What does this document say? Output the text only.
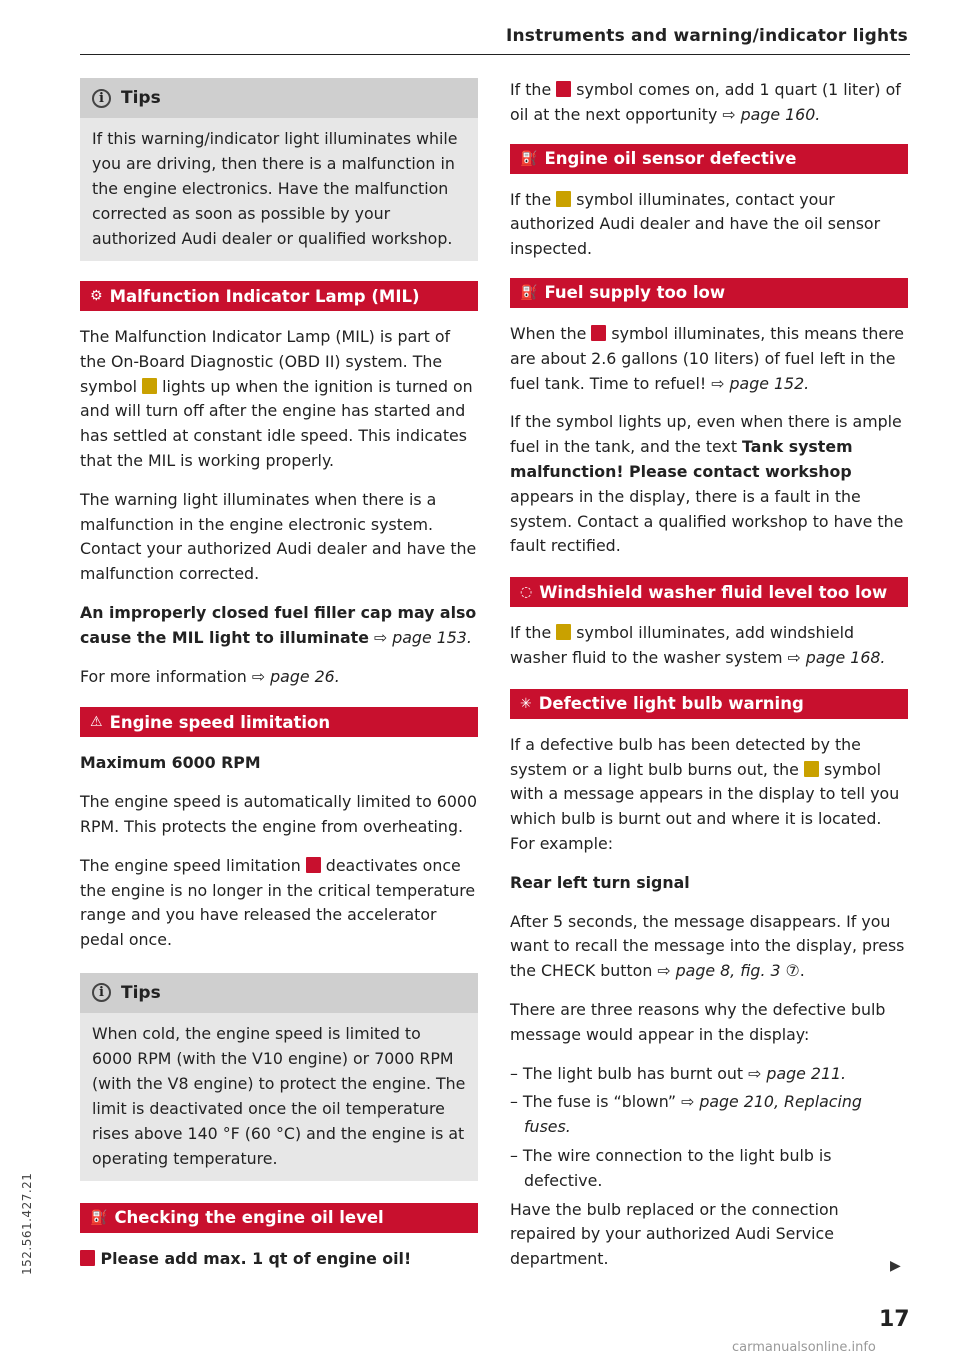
Instruments and warning/indicator lights
i	Tips
If this warning/indicator light illuminates while you are driving, then there is a malfunction in the engine electronics. Have the malfunction corrected as soon as possible by your authorized Audi dealer or qualified workshop.
⚙ Malfunction Indicator Lamp (MIL)

The Malfunction Indicator Lamp (MIL) is part of the On-Board Diagnostic (OBD II) system. The symbol lights up when the ignition is turned on and will turn off after the engine has started and has settled at constant idle speed. This indicates that the MIL is working properly.

The warning light illuminates when there is a malfunction in the engine electronic system. Contact your authorized Audi dealer and have the malfunction corrected.

An improperly closed fuel filler cap may also cause the MIL light to illuminate ⇨ page 153.

For more information ⇨ page 26.

⚠ Engine speed limitation

Maximum 6000 RPM

The engine speed is automatically limited to 6000 RPM. This protects the engine from overheating.

The engine speed limitation deactivates once the engine is no longer in the critical temperature range and you have released the accelerator pedal once.

i	Tips
When cold, the engine speed is limited to 6000 RPM (with the V10 engine) or 7000 RPM (with the V8 engine) to protect the engine. The limit is deactivated once the oil temperature rises above 140 °F (60 °C) and the engine is at operating temperature.
⛽ Checking the engine oil level

Please add max. 1 qt of engine oil!

If the symbol comes on, add 1 quart (1 liter) of oil at the next opportunity ⇨ page 160.

⛽ Engine oil sensor defective

If the symbol illuminates, contact your authorized Audi dealer and have the oil sensor inspected.

⛽ Fuel supply too low

When the symbol illuminates, this means there are about 2.6 gallons (10 liters) of fuel left in the fuel tank. Time to refuel! ⇨ page 152.

If the symbol lights up, even when there is ample fuel in the tank, and the text Tank system malfunction! Please contact workshop appears in the display, there is a fault in the system. Contact a qualified workshop to have the fault rectified.

◌ Windshield washer fluid level too low

If the symbol illuminates, add windshield washer fluid to the washer system ⇨ page 168.

✳ Defective light bulb warning

If a defective bulb has been detected by the system or a light bulb burns out, the symbol with a message appears in the display to tell you which bulb is burnt out and where it is located. For example:

Rear left turn signal

After 5 seconds, the message disappears. If you want to recall the message into the display, press the CHECK button ⇨ page 8, fig. 3 ⑦.

There are three reasons why the defective bulb message would appear in the display:

– The light bulb has burnt out ⇨ page 211.

– The fuse is “blown” ⇨ page 210, Replacing fuses.

– The wire connection to the light bulb is defective.

Have the bulb replaced or the connection repaired by your authorized Audi Service department.

152.561.427.21	▶
17
carmanualsonline.info
